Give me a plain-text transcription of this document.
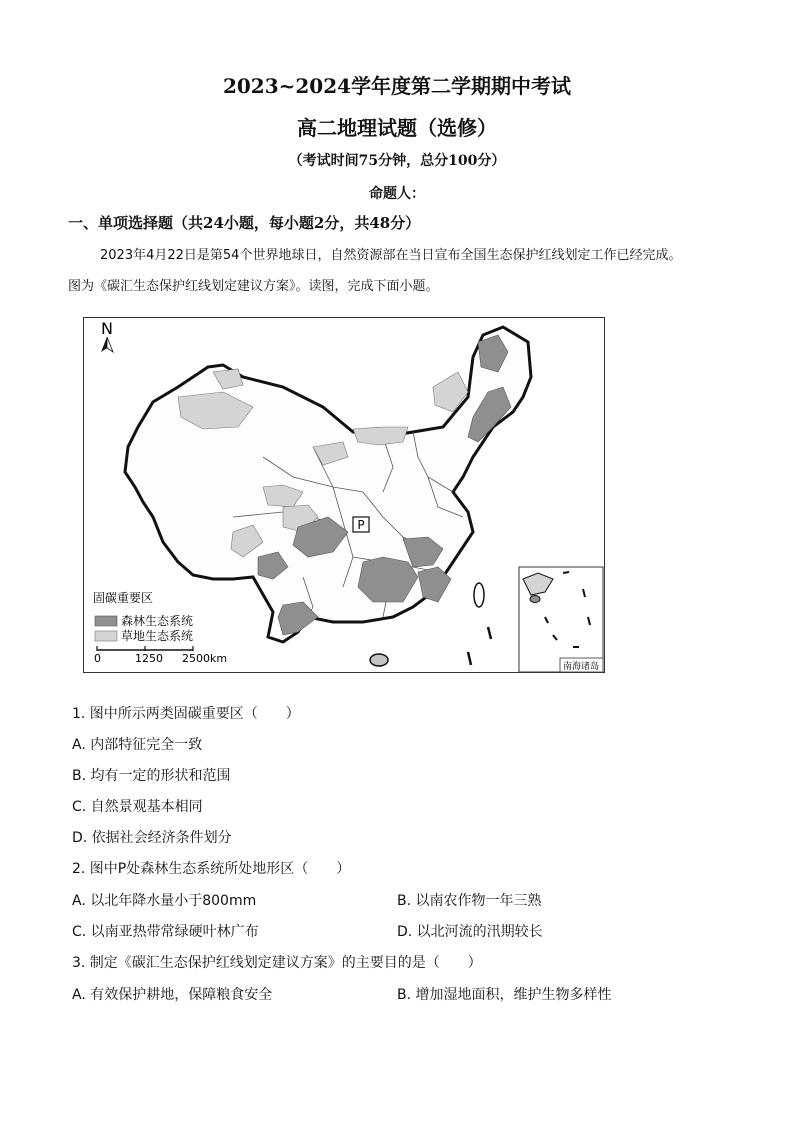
2023~2024学年度第二学期期中考试
高二地理试题（选修）
（考试时间75分钟，总分100分）
命题人：
一、单项选择题（共24小题，每小题2分，共48分）
2023年4月22日是第54个世界地球日，自然资源部在当日宣布全国生态保护红线划定工作已经完成。
图为《碳汇生态保护红线划定建议方案》。读图，完成下面小题。
P
N
固碳重要区
森林生态系统
草地生态系统
0	1250 2500km
南海诸岛
1. 图中所示两类固碳重要区（　　）
A. 内部特征完全一致
B. 均有一定的形状和范围
C. 自然景观基本相同
D. 依据社会经济条件划分
2. 图中P处森林生态系统所处地形区（　　）
A. 以北年降水量小于800mm	B. 以南农作物一年三熟
C. 以南亚热带常绿硬叶林广布	D. 以北河流的汛期较长
3. 制定《碳汇生态保护红线划定建议方案》的主要目的是（　　）
A. 有效保护耕地，保障粮食安全	B. 增加湿地面积，维护生物多样性
